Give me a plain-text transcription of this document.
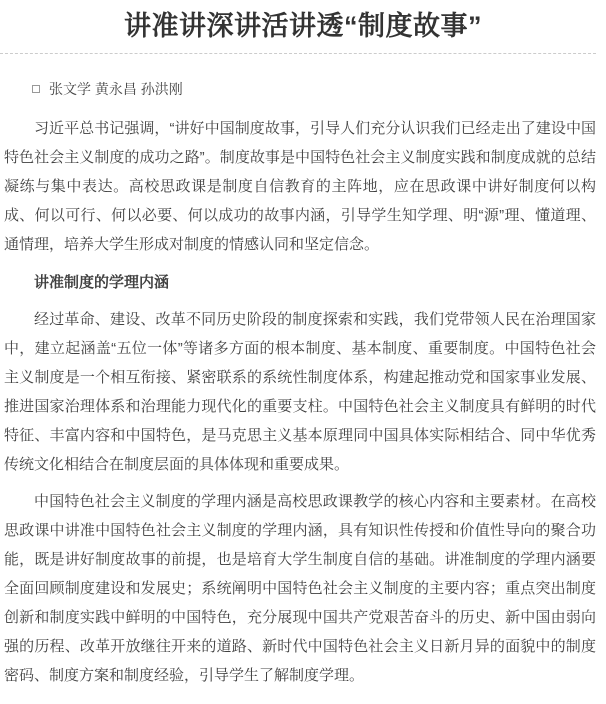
讲准讲深讲活讲透“制度故事”
张文学 黄永昌 孙洪刚

习近平总书记强调，“讲好中国制度故事，引导人们充分认识我们已经走出了建设中国特色社会主义制度的成功之路”。制度故事是中国特色社会主义制度实践和制度成就的总结凝练与集中表达。高校思政课是制度自信教育的主阵地，应在思政课中讲好制度何以构成、何以可行、何以必要、何以成功的故事内涵，引导学生知学理、明“源”理、懂道理、通情理，培养大学生形成对制度的情感认同和坚定信念。

讲准制度的学理内涵

经过革命、建设、改革不同历史阶段的制度探索和实践，我们党带领人民在治理国家中，建立起涵盖“五位一体”等诸多方面的根本制度、基本制度、重要制度。中国特色社会主义制度是一个相互衔接、紧密联系的系统性制度体系，构建起推动党和国家事业发展、推进国家治理体系和治理能力现代化的重要支柱。中国特色社会主义制度具有鲜明的时代特征、丰富内容和中国特色，是马克思主义基本原理同中国具体实际相结合、同中华优秀传统文化相结合在制度层面的具体体现和重要成果。

中国特色社会主义制度的学理内涵是高校思政课教学的核心内容和主要素材。在高校思政课中讲准中国特色社会主义制度的学理内涵，具有知识性传授和价值性导向的聚合功能，既是讲好制度故事的前提，也是培育大学生制度自信的基础。讲准制度的学理内涵要全面回顾制度建设和发展史；系统阐明中国特色社会主义制度的主要内容；重点突出制度创新和制度实践中鲜明的中国特色，充分展现中国共产党艰苦奋斗的历史、新中国由弱向强的历程、改革开放继往开来的道路、新时代中国特色社会主义日新月异的面貌中的制度密码、制度方案和制度经验，引导学生了解制度学理。
